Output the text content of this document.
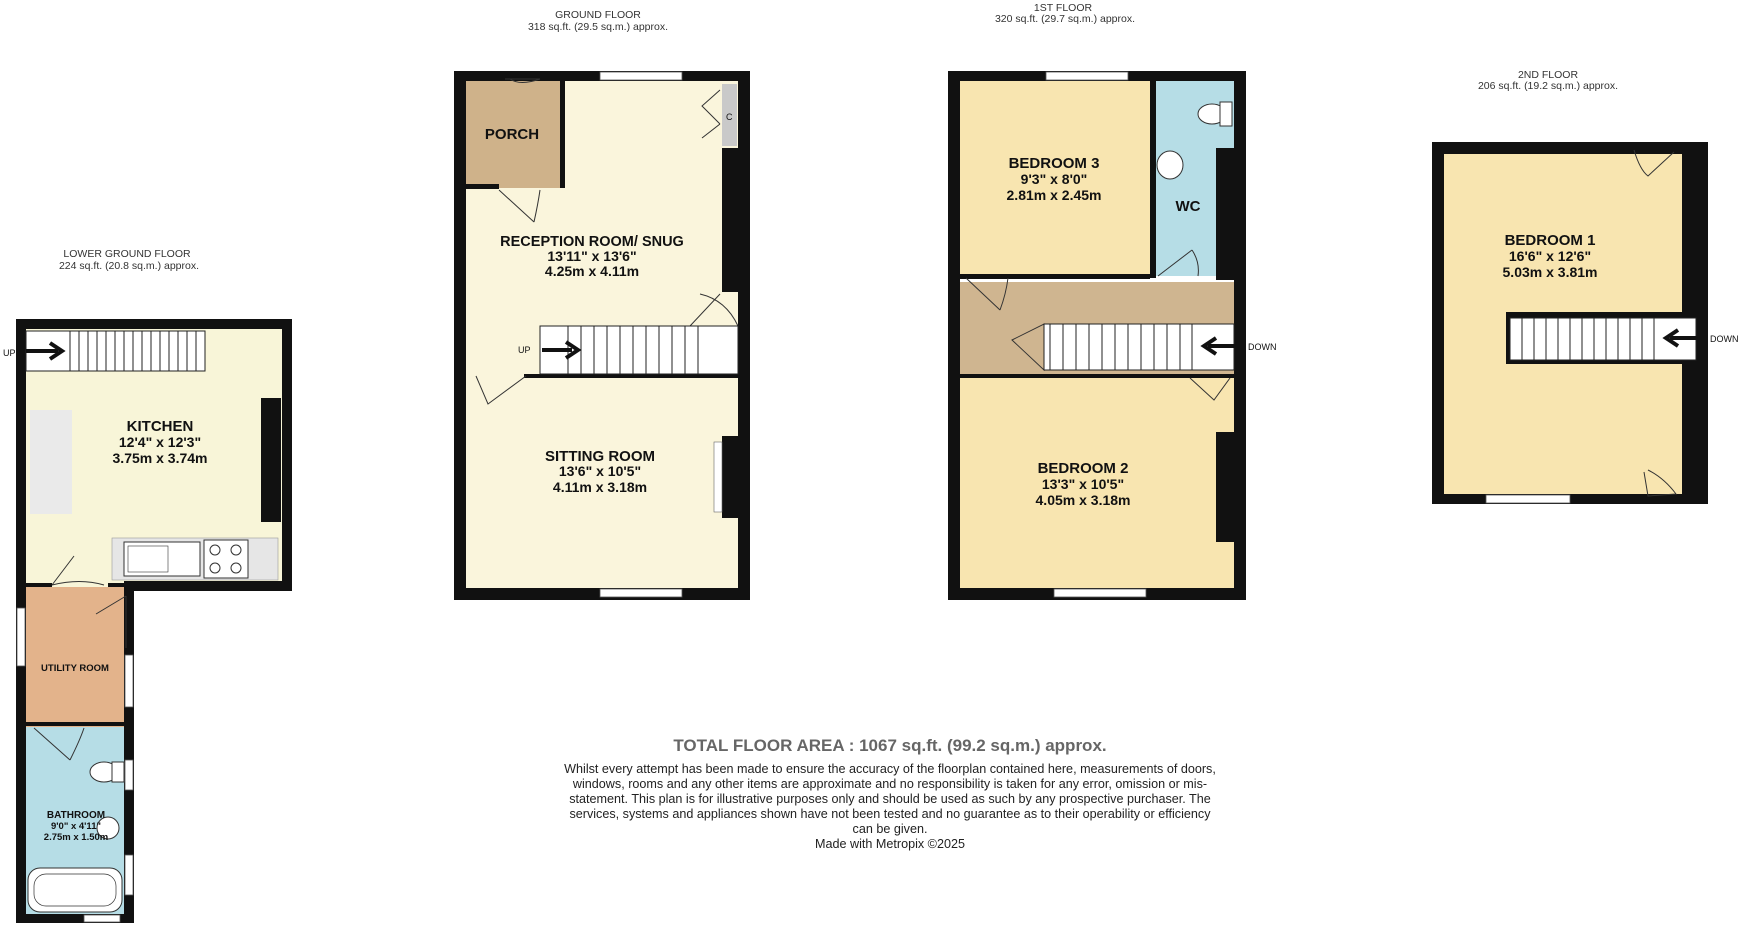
LOWER GROUND FLOOR
224 sq.ft. (20.8 sq.m.) approx.
UP
KITCHEN
12'4" x 12'3"
3.75m x 3.74m
UTILITY ROOM
BATHROOM
9'0" x 4'11"
2.75m x 1.50m
GROUND FLOOR
318 sq.ft. (29.5 sq.m.) approx.
C
UP
PORCH
RECEPTION ROOM/ SNUG
13'11" x 13'6"
4.25m x 4.11m
SITTING ROOM
13'6" x 10'5"
4.11m x 3.18m
1ST FLOOR
320 sq.ft. (29.7 sq.m.) approx.
DOWN
BEDROOM 3
9'3" x 8'0"
2.81m x 2.45m
WC
BEDROOM 2
13'3" x 10'5"
4.05m x 3.18m
2ND FLOOR
206 sq.ft. (19.2 sq.m.) approx.
DOWN
BEDROOM 1
16'6" x 12'6"
5.03m x 3.81m
TOTAL FLOOR AREA : 1067 sq.ft. (99.2 sq.m.) approx.
Whilst every attempt has been made to ensure the accuracy of the floorplan contained here, measurements of doors, windows, rooms and any other items are approximate and no responsibility is taken for any error, omission or mis-statement. This plan is for illustrative purposes only and should be used as such by any prospective purchaser. The services, systems and appliances shown have not been tested and no guarantee as to their operability or efficiency can be given.
Made with Metropix ©2025
